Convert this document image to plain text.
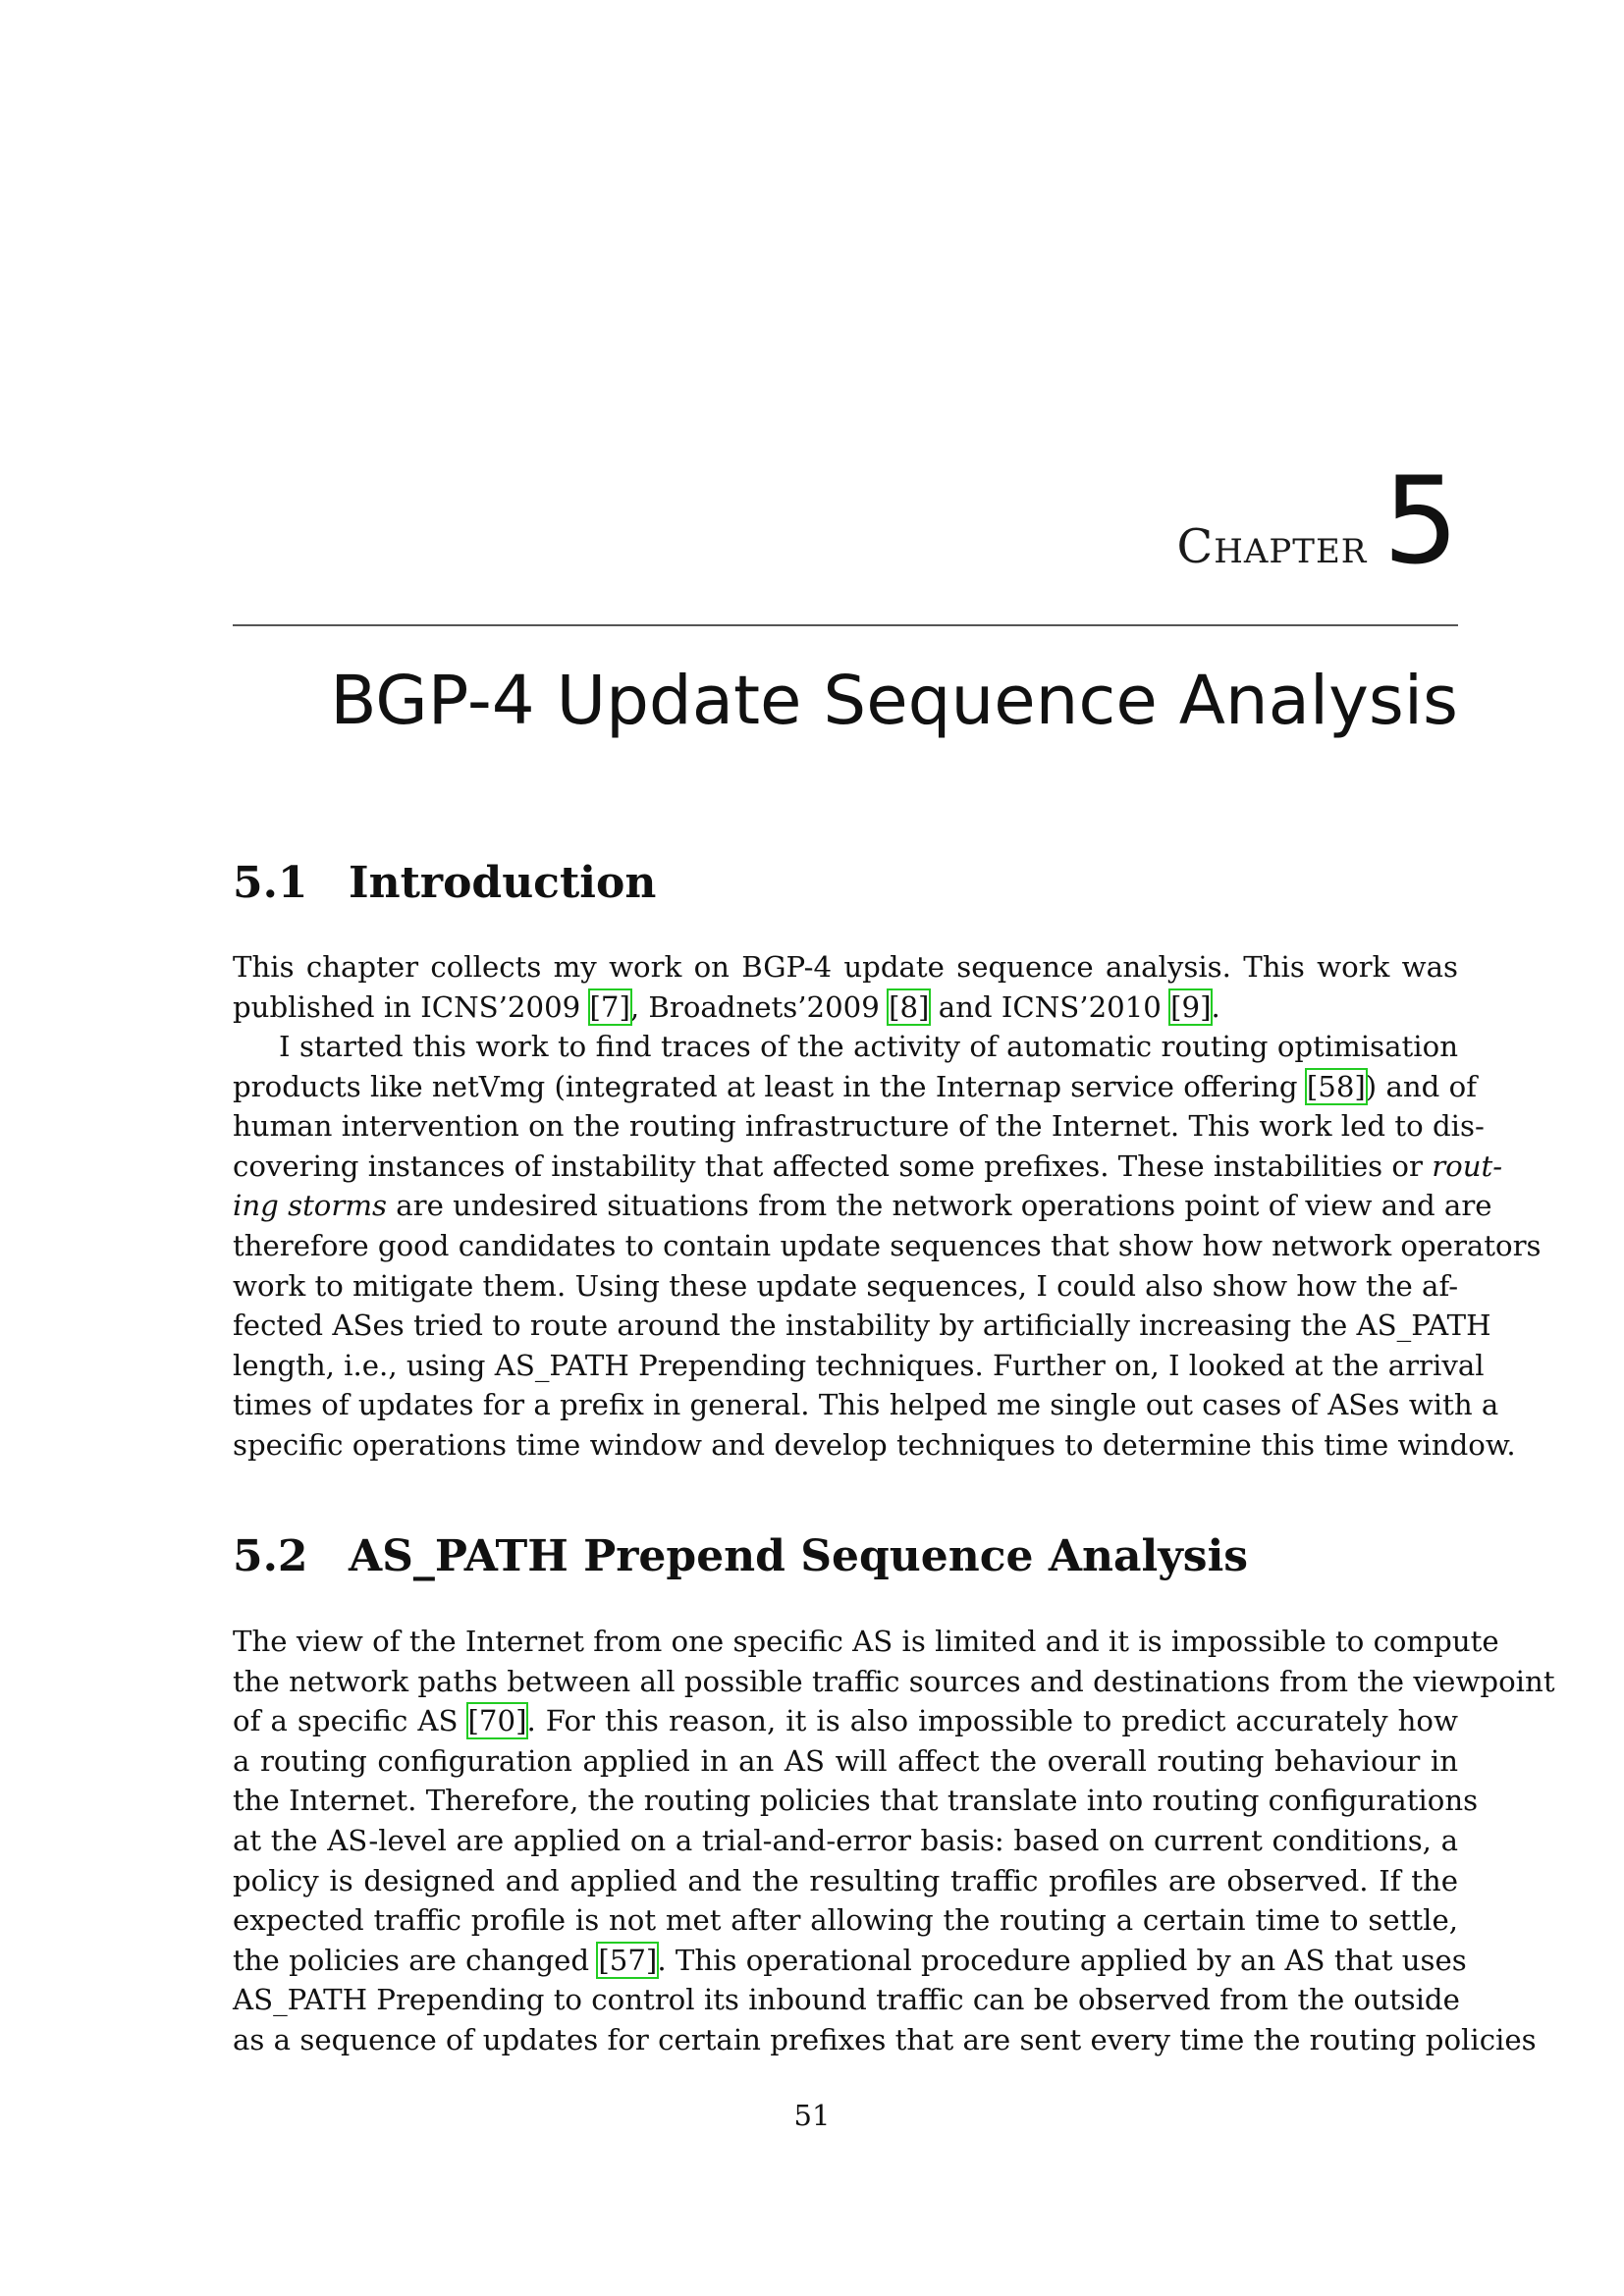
Chapter 5
BGP-4 Update Sequence Analysis
5.1 Introduction

This chapter collects my work on BGP-4 update sequence analysis. This work was
published in ICNS’2009 [7], Broadnets’2009 [8] and ICNS’2010 [9].

I started this work to find traces of the activity of automatic routing optimisation
products like netVmg (integrated at least in the Internap service offering [58]) and of
human intervention on the routing infrastructure of the Internet. This work led to dis-
covering instances of instability that affected some prefixes. These instabilities or rout-
ing storms are undesired situations from the network operations point of view and are
therefore good candidates to contain update sequences that show how network operators
work to mitigate them. Using these update sequences, I could also show how the af-
fected ASes tried to route around the instability by artificially increasing the AS_PATH
length, i.e., using AS_PATH Prepending techniques. Further on, I looked at the arrival
times of updates for a prefix in general. This helped me single out cases of ASes with a
specific operations time window and develop techniques to determine this time window.

5.2 AS_PATH Prepend Sequence Analysis

The view of the Internet from one specific AS is limited and it is impossible to compute
the network paths between all possible traffic sources and destinations from the viewpoint
of a specific AS [70]. For this reason, it is also impossible to predict accurately how
a routing configuration applied in an AS will affect the overall routing behaviour in
the Internet. Therefore, the routing policies that translate into routing configurations
at the AS-level are applied on a trial-and-error basis: based on current conditions, a
policy is designed and applied and the resulting traffic profiles are observed. If the
expected traffic profile is not met after allowing the routing a certain time to settle,
the policies are changed [57]. This operational procedure applied by an AS that uses
AS_PATH Prepending to control its inbound traffic can be observed from the outside
as a sequence of updates for certain prefixes that are sent every time the routing policies

51
